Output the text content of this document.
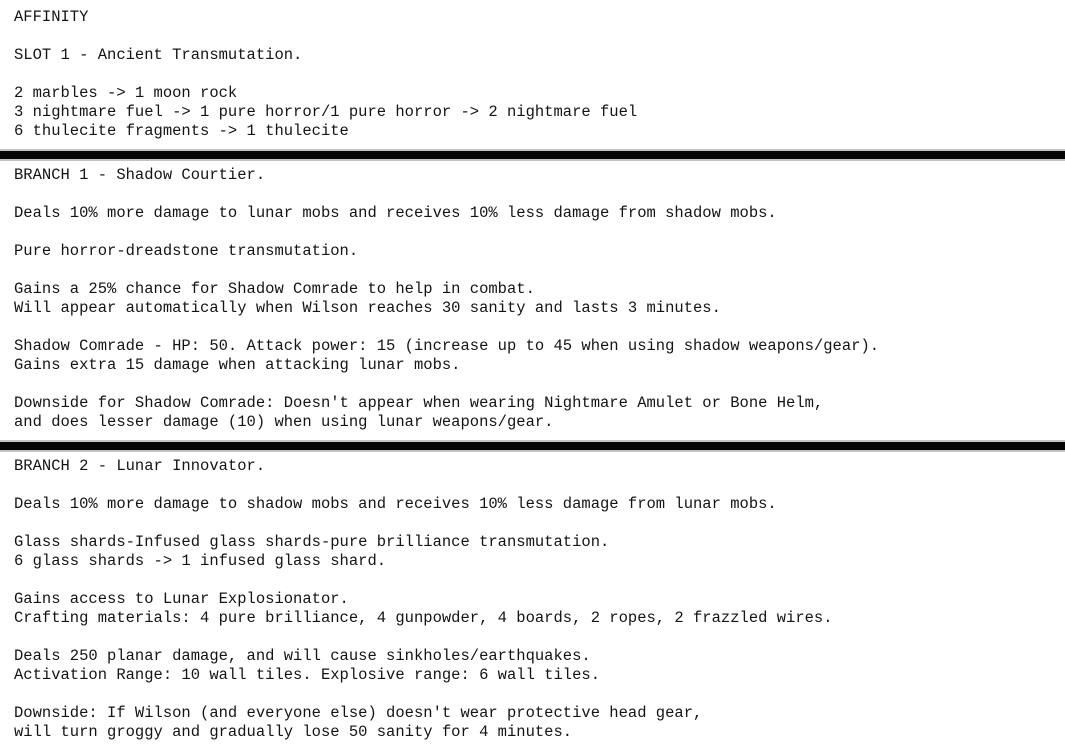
AFFINITY
SLOT 1 - Ancient Transmutation.
2 marbles -> 1 moon rock
3 nightmare fuel -> 1 pure horror/1 pure horror -> 2 nightmare fuel
6 thulecite fragments -> 1 thulecite
BRANCH 1 - Shadow Courtier.
Deals 10% more damage to lunar mobs and receives 10% less damage from shadow mobs.
Pure horror-dreadstone transmutation.
Gains a 25% chance for Shadow Comrade to help in combat.
Will appear automatically when Wilson reaches 30 sanity and lasts 3 minutes.
Shadow Comrade - HP: 50. Attack power: 15 (increase up to 45 when using shadow weapons/gear).
Gains extra 15 damage when attacking lunar mobs.
Downside for Shadow Comrade: Doesn't appear when wearing Nightmare Amulet or Bone Helm,
and does lesser damage (10) when using lunar weapons/gear.
BRANCH 2 - Lunar Innovator.
Deals 10% more damage to shadow mobs and receives 10% less damage from lunar mobs.
Glass shards-Infused glass shards-pure brilliance transmutation.
6 glass shards -> 1 infused glass shard.
Gains access to Lunar Explosionator.
Crafting materials: 4 pure brilliance, 4 gunpowder, 4 boards, 2 ropes, 2 frazzled wires.
Deals 250 planar damage, and will cause sinkholes/earthquakes.
Activation Range: 10 wall tiles. Explosive range: 6 wall tiles.
Downside: If Wilson (and everyone else) doesn't wear protective head gear,
will turn groggy and gradually lose 50 sanity for 4 minutes.
